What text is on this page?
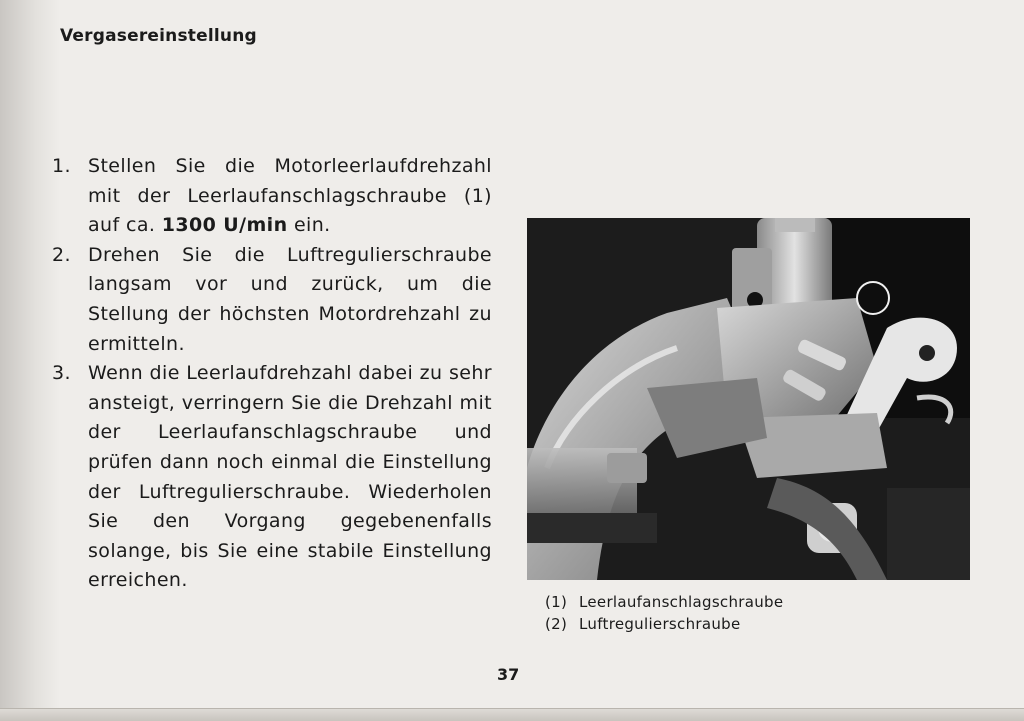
Vergasereinstellung
1. Stellen Sie die Motorleerlaufdrehzahl mit der Leerlaufanschlagschraube (1) auf ca. 1300 U/min ein.
2. Drehen Sie die Luftregulierschraube langsam vor und zurück, um die Stellung der höchsten Motordrehzahl zu ermitteln.
3. Wenn die Leerlaufdrehzahl dabei zu sehr ansteigt, verringern Sie die Drehzahl mit der Leerlaufanschlagschraube und prüfen dann noch einmal die Einstellung der Luftregulierschraube. Wiederholen Sie den Vorgang gegebenenfalls solange, bis Sie eine stabile Einstellung erreichen.
(1) Leerlaufanschlagschraube
(2) Luftregulierschraube
37
